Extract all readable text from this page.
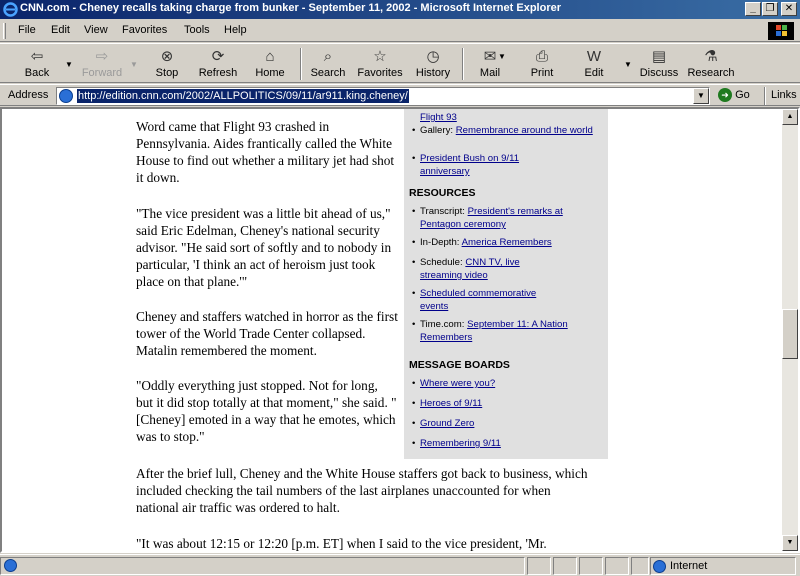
CNN.com - Cheney recalls taking charge from bunker - September 11, 2002 - Microsoft Internet Explorer	_ ❐	✕
File Edit View Favorites Tools Help
⇦
Back
▼	⇨
Forward
▼	⊗
Stop
⟳
Refresh
⌂
Home
⌕
Search
☆
Favorites
◷
History
✉
Mail
▼	⎙
Print
W
Edit
▼	▤
Discuss
⚗
Research
Address	http://edition.cnn.com/2002/ALLPOLITICS/09/11/ar911.king.cheney/	▼	➜ Go Links

Word came that Flight 93 crashed in Pennsylvania. Aides frantically called the White House to find out whether a military jet had shot it down.

"The vice president was a little bit ahead of us," said Eric Edelman, Cheney's national security advisor. "He said sort of softly and to nobody in particular, 'I think an act of heroism just took place on that plane.'"

Cheney and staffers watched in horror as the first tower of the World Trade Center collapsed. Matalin remembered the moment.

"Oddly everything just stopped. Not for long, but it did stop totally at that moment," she said. "[Cheney] emoted in a way that he emotes, which was to stop."

After the brief lull, Cheney and the White House staffers got back to business, which included checking the tail numbers of the last airplanes unaccounted for when national air traffic was ordered to halt.

"It was about 12:15 or 12:20 [p.m. ET] when I said to the vice president, 'Mr.

Flight 93
• Gallery: Remembrance around the world
• President Bush on 9/11 anniversary
RESOURCES
• Transcript: President's remarks at Pentagon ceremony
• In-Depth: America Remembers
• Schedule: CNN TV, live streaming video
• Scheduled commemorative events
• Time.com: September 11: A Nation Remembers
MESSAGE BOARDS
• Where were you?
• Heroes of 9/11
• Ground Zero
• Remembering 9/11
▲
▼
Internet
